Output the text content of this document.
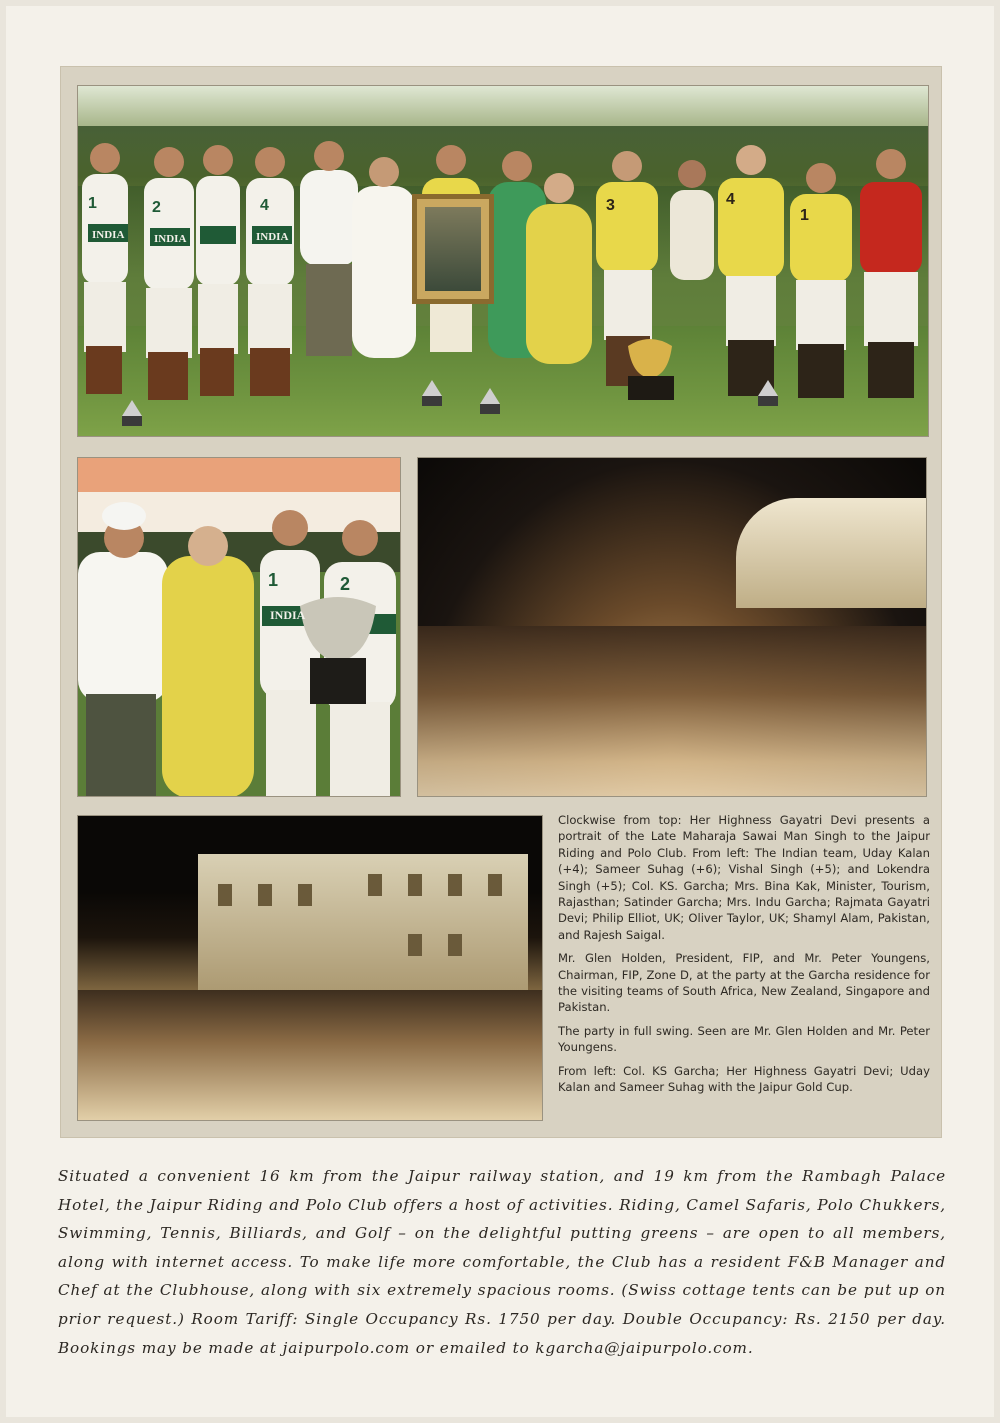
1	2	4
INDIA	INDIA	INDIA
3	4
1
1	2
INDIA

Clockwise from top: Her Highness Gayatri Devi presents a portrait of the Late Maharaja Sawai Man Singh to the Jaipur Riding and Polo Club. From left: The Indian team, Uday Kalan (+4); Sameer Suhag (+6); Vishal Singh (+5); and Lokendra Singh (+5); Col. KS. Garcha; Mrs. Bina Kak, Minister, Tourism, Rajasthan; Satinder Garcha; Mrs. Indu Garcha; Rajmata Gayatri Devi; Philip Elliot, UK; Oliver Taylor, UK; Shamyl Alam, Pakistan, and Rajesh Saigal.

Mr. Glen Holden, President, FIP, and Mr. Peter Youngens, Chairman, FIP, Zone D, at the party at the Garcha residence for the visiting teams of South Africa, New Zealand, Singapore and Pakistan.

The party in full swing. Seen are Mr. Glen Holden and Mr. Peter Youngens.

From left: Col. KS Garcha; Her Highness Gayatri Devi; Uday Kalan and Sameer Suhag with the Jaipur Gold Cup.

Situated a convenient 16 km from the Jaipur railway station, and 19 km from the Rambagh Palace Hotel, the Jaipur Riding and Polo Club offers a host of activities. Riding, Camel Safaris, Polo Chukkers, Swimming, Tennis, Billiards, and Golf – on the delightful putting greens – are open to all members, along with internet access. To make life more comfortable, the Club has a resident F&B Manager and Chef at the Clubhouse, along with six extremely spacious rooms. (Swiss cottage tents can be put up on prior request.) Room Tariff: Single Occupancy Rs. 1750 per day. Double Occupancy: Rs. 2150 per day. Bookings may be made at jaipurpolo.com or emailed to kgarcha@jaipurpolo.com.
